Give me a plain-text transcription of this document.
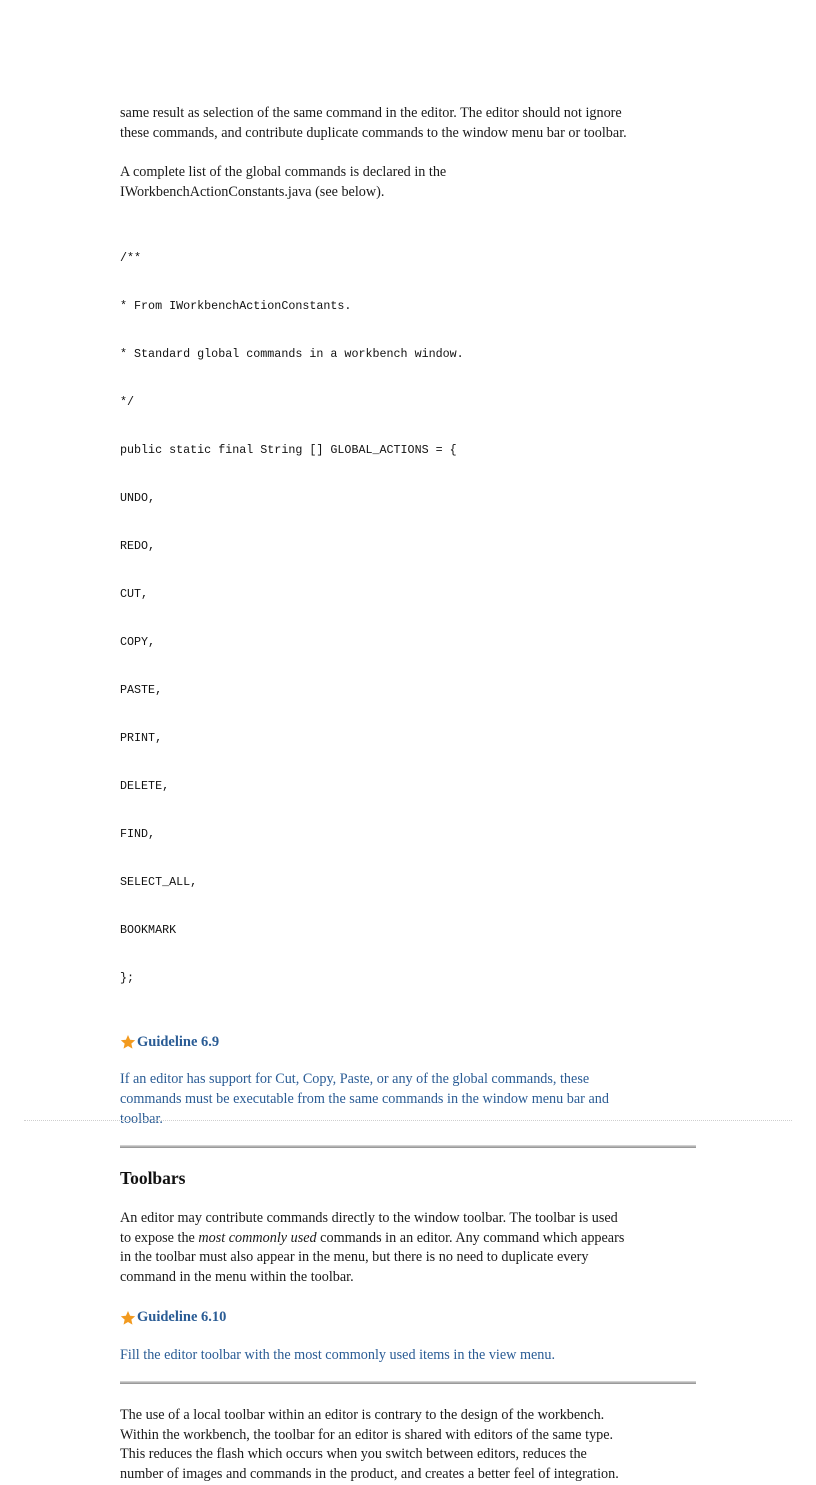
same result as selection of the same command in the editor. The editor should not ignore
these commands, and contribute duplicate commands to the window menu bar or toolbar.

A complete list of the global commands is declared in the
IWorkbenchActionConstants.java (see below).

/**

* From IWorkbenchActionConstants.

* Standard global commands in a workbench window.

*/

public static final String [] GLOBAL_ACTIONS = {

UNDO,

REDO,

CUT,

COPY,

PASTE,

PRINT,

DELETE,

FIND,

SELECT_ALL,

BOOKMARK

};

Guideline 6.9

If an editor has support for Cut, Copy, Paste, or any of the global commands, these
commands must be executable from the same commands in the window menu bar and
toolbar.

Toolbars

An editor may contribute commands directly to the window toolbar. The toolbar is used
to expose the most commonly used commands in an editor. Any command which appears
in the toolbar must also appear in the menu, but there is no need to duplicate every
command in the menu within the toolbar.

Guideline 6.10

Fill the editor toolbar with the most commonly used items in the view menu.

The use of a local toolbar within an editor is contrary to the design of the workbench.
Within the workbench, the toolbar for an editor is shared with editors of the same type.
This reduces the flash which occurs when you switch between editors, reduces the
number of images and commands in the product, and creates a better feel of integration.
